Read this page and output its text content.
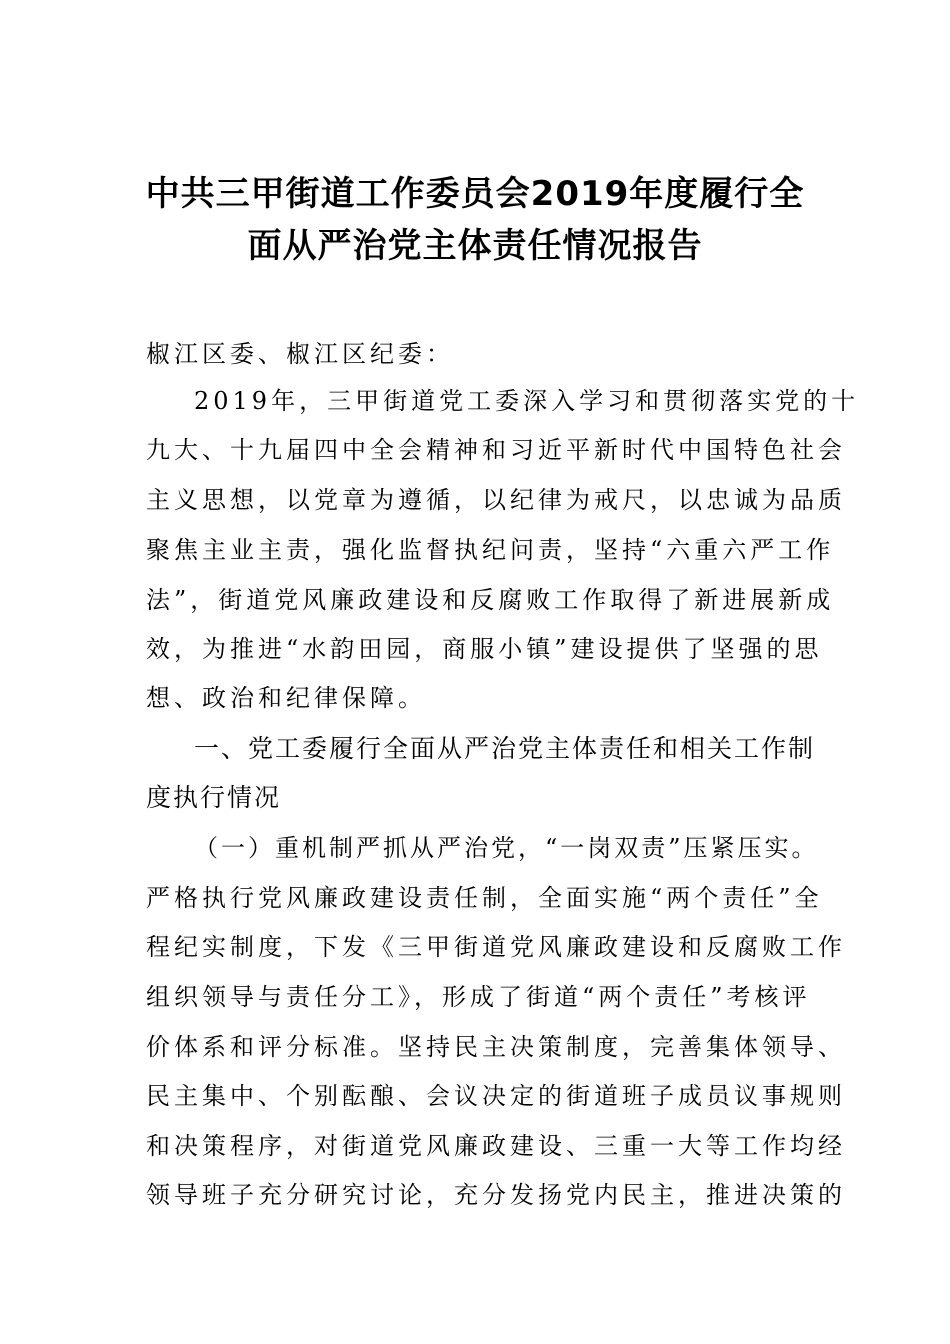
中共三甲街道工作委员会2019年度履行全
面从严治党主体责任情况报告
椒江区委、椒江区纪委：
2019年，三甲街道党工委深入学习和贯彻落实党的十
九大、十九届四中全会精神和习近平新时代中国特色社会
主义思想，以党章为遵循，以纪律为戒尺，以忠诚为品质
聚焦主业主责，强化监督执纪问责，坚持“六重六严工作
法”，街道党风廉政建设和反腐败工作取得了新进展新成
效，为推进“水韵田园，商服小镇”建设提供了坚强的思
想、政治和纪律保障。
一、党工委履行全面从严治党主体责任和相关工作制
度执行情况
（一）重机制严抓从严治党，“一岗双责”压紧压实。
严格执行党风廉政建设责任制，全面实施“两个责任”全
程纪实制度，下发《三甲街道党风廉政建设和反腐败工作
组织领导与责任分工》，形成了街道“两个责任”考核评
价体系和评分标准。坚持民主决策制度，完善集体领导、
民主集中、个别酝酿、会议决定的街道班子成员议事规则
和决策程序，对街道党风廉政建设、三重一大等工作均经
领导班子充分研究讨论，充分发扬党内民主，推进决策的
